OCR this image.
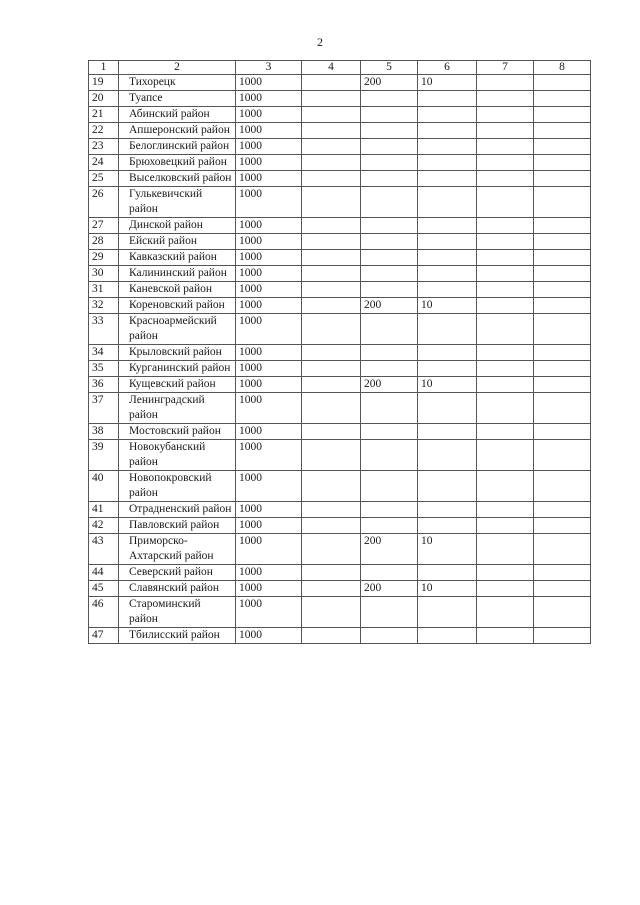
2
1	2	3	4	5	6	7	8
19	Тихорецк	1000		200	10		
20	Туапсе	1000					
21	Абинский район	1000					
22	Апшеронский район	1000					
23	Белоглинский район	1000					
24	Брюховецкий район	1000					
25	Выселковский район	1000					
26	Гулькевичский район	1000					
27	Динской район	1000					
28	Ейский район	1000					
29	Кавказский район	1000					
30	Калининский район	1000					
31	Каневской район	1000					
32	Кореновский район	1000		200	10		
33	Красноармейский район	1000					
34	Крыловский район	1000					
35	Курганинский район	1000					
36	Кущевский район	1000		200	10		
37	Ленинградский район	1000					
38	Мостовский район	1000					
39	Новокубанский район	1000					
40	Новопокровский район	1000					
41	Отрадненский район	1000					
42	Павловский район	1000					
43	Приморско-Ахтарский район	1000		200	10		
44	Северский район	1000					
45	Славянский район	1000		200	10		
46	Староминский район	1000					
47	Тбилисский район	1000					
